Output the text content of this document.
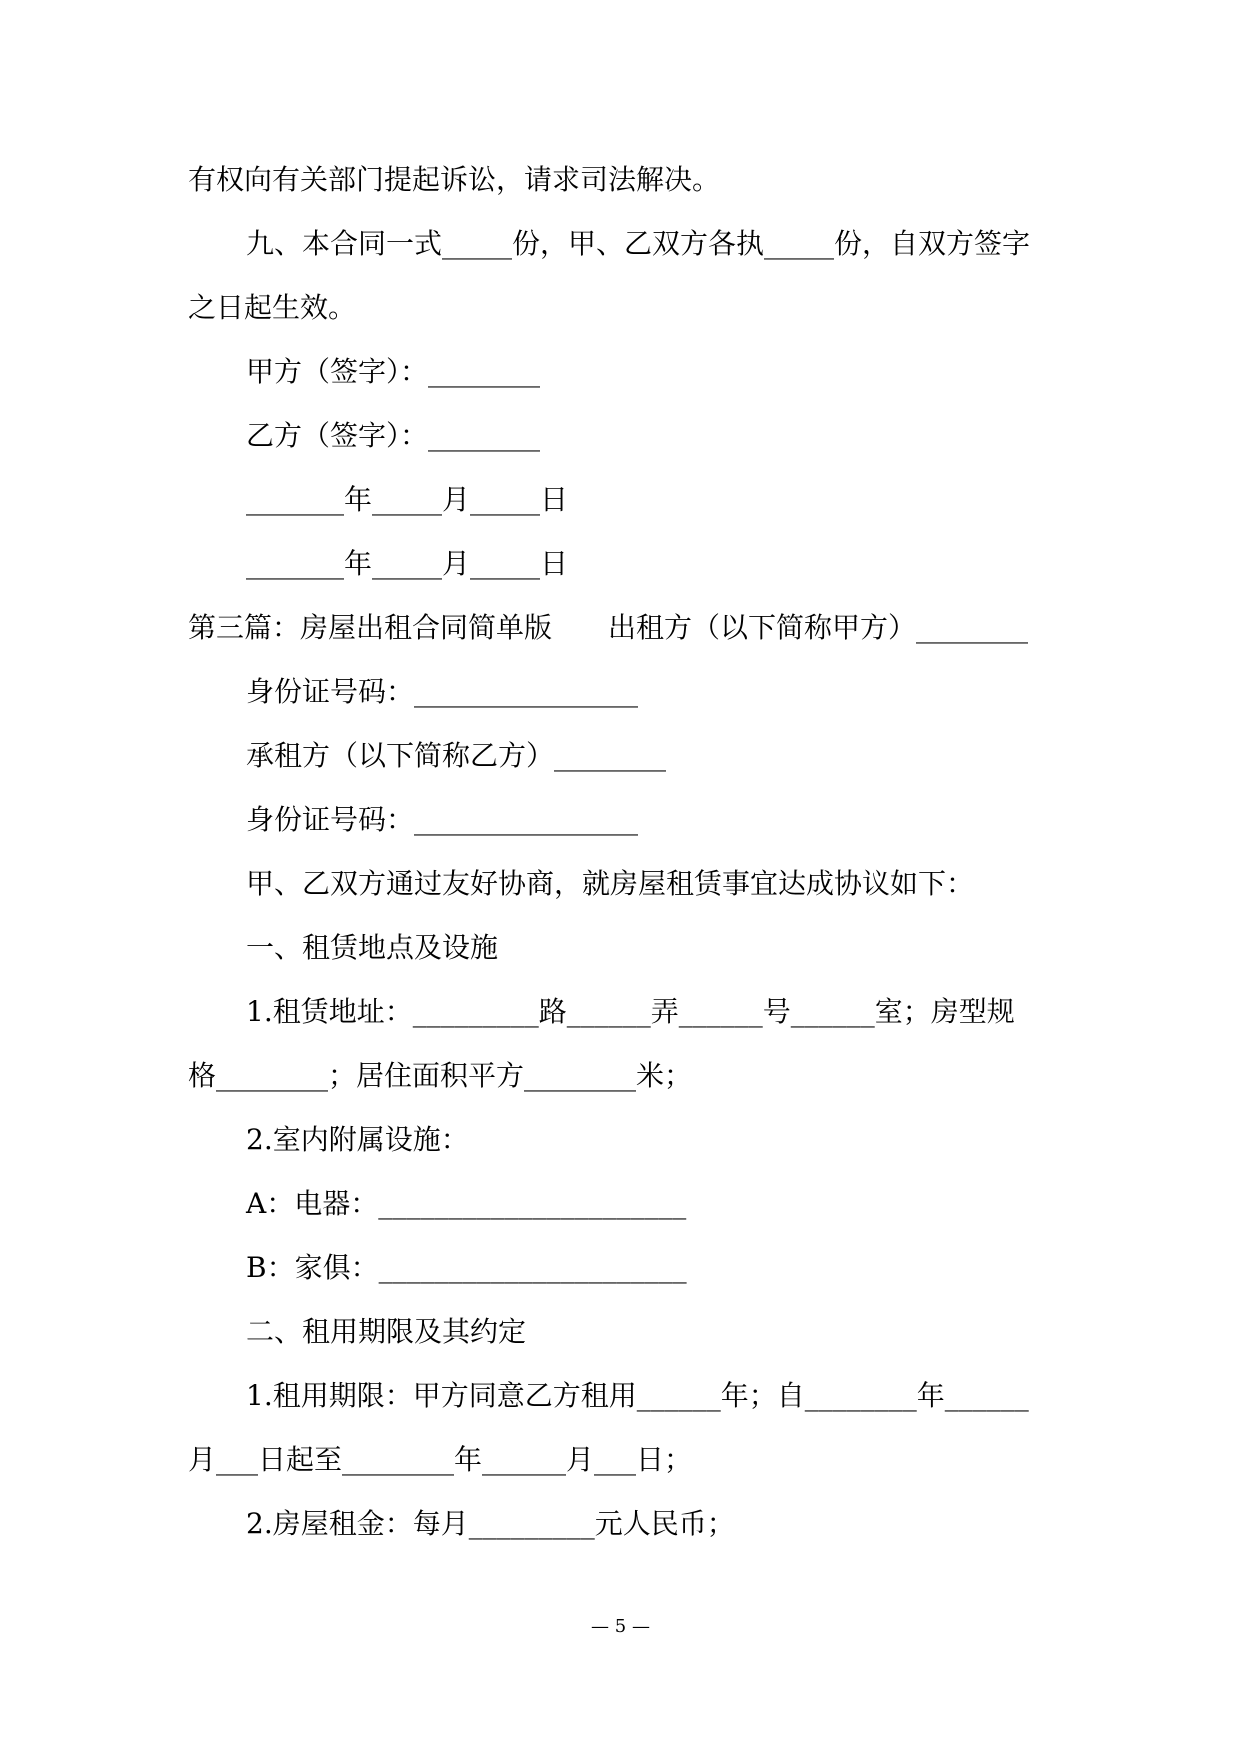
有权向有关部门提起诉讼，请求司法解决。
九、本合同一式_____份，甲、乙双方各执_____份，自双方签字
之日起生效。
甲方（签字）：________
乙方（签字）：________
_______年_____月_____日
_______年_____月_____日
第三篇：房屋出租合同简单版　　出租方（以下简称甲方）________
身份证号码：________________
承租方（以下简称乙方）________
身份证号码：________________
甲、乙双方通过友好协商，就房屋租赁事宜达成协议如下：
一、租赁地点及设施
1.租赁地址：_________路______弄______号______室；房型规
格________；居住面积平方________米；
2.室内附属设施：
A：电器：______________________
B：家俱：______________________
二、租用期限及其约定
1.租用期限：甲方同意乙方租用______年；自________年______
月___日起至________年______月___日；
2.房屋租金：每月_________元人民币；
— 5 —
